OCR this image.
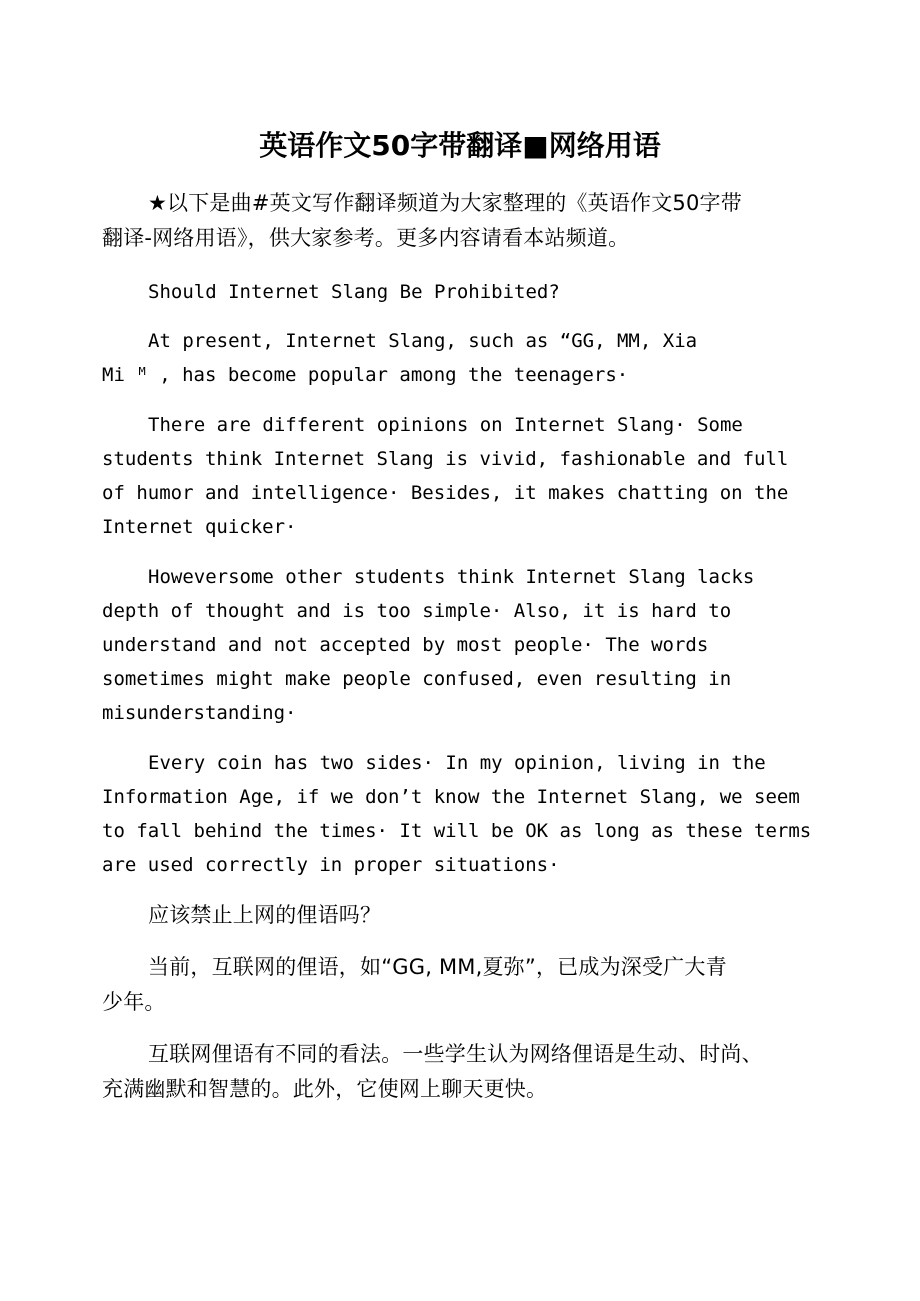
英语作文50字带翻译■网络用语
★以下是曲#英文写作翻译频道为大家整理的《英语作文50字带
翻译-网络用语》，供大家参考。更多内容请看本站频道。
Should Internet Slang Be Prohibited?
At present, Internet Slang, such as “GG, MM, Xia
Mi ᴹ , has become popular among the teenagers·
There are different opinions on Internet Slang· Some
students think Internet Slang is vivid, fashionable and full
of humor and intelligence· Besides, it makes chatting on the
Internet quicker·
Howeversome other students think Internet Slang lacks
depth of thought and is too simple· Also, it is hard to
understand and not accepted by most people· The words
sometimes might make people confused, even resulting in
misunderstanding·
Every coin has two sides· In my opinion, living in the
Information Age, if we don’t know the Internet Slang, we seem
to fall behind the times· It will be OK as long as these terms
are used correctly in proper situations·
应该禁止上网的俚语吗？
当前，互联网的俚语，如“GG, MM,夏弥”，已成为深受广大青
少年。
互联网俚语有不同的看法。一些学生认为网络俚语是生动、时尚、
充满幽默和智慧的。此外，它使网上聊天更快。
